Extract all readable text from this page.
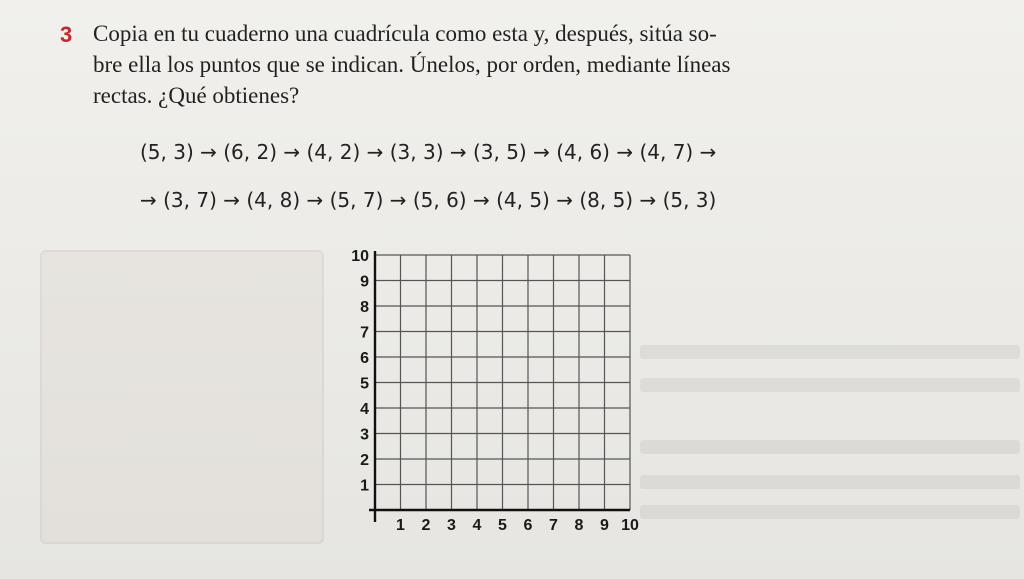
3 Copia en tu cuaderno una cuadrícula como esta y, después, sitúa so-
bre ella los puntos que se indican. Únelos, por orden, mediante líneas
rectas. ¿Qué obtienes?
(5, 3) → (6, 2) → (4, 2) → (3, 3) → (3, 5) → (4, 6) → (4, 7) →
→ (3, 7) → (4, 8) → (5, 7) → (5, 6) → (4, 5) → (8, 5) → (5, 3)
1 2 3 4 5 6 7 8 9 10
1
2
3
4
5
6
7
8
9
10
